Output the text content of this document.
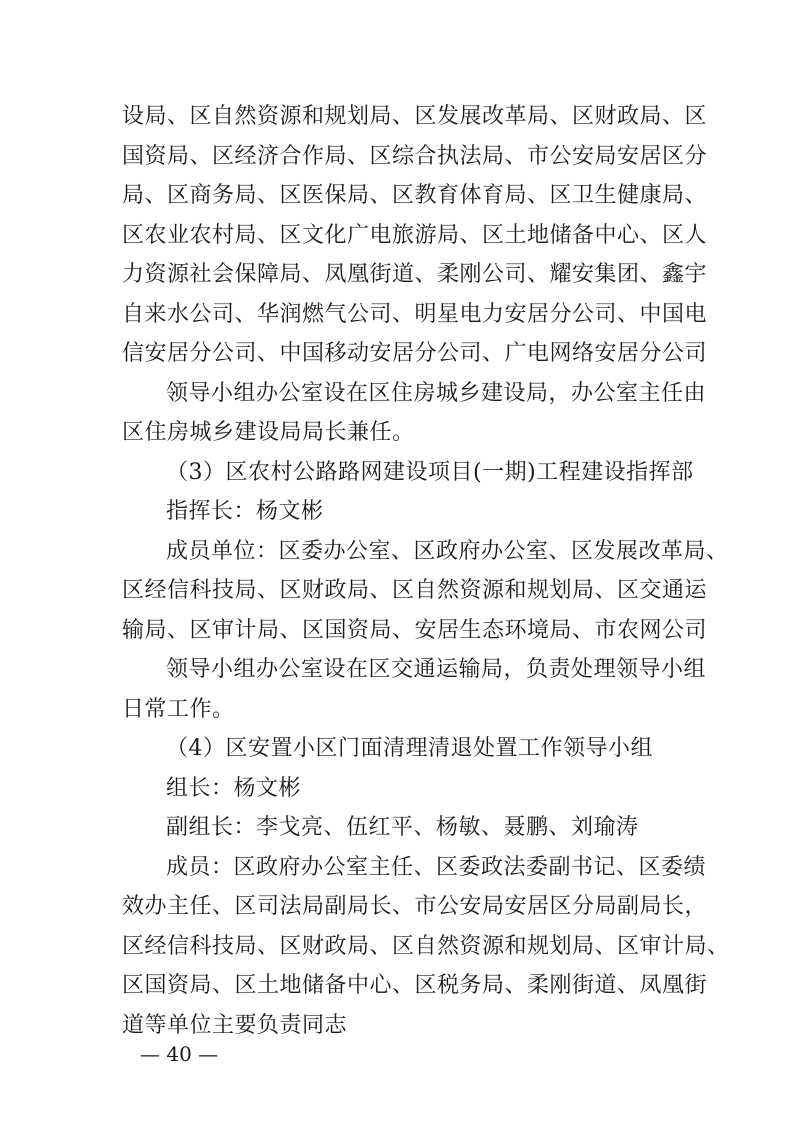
设局、区自然资源和规划局、区发展改革局、区财政局、区
国资局、区经济合作局、区综合执法局、市公安局安居区分
局、区商务局、区医保局、区教育体育局、区卫生健康局、
区农业农村局、区文化广电旅游局、区土地储备中心、区人
力资源社会保障局、凤凰街道、柔刚公司、耀安集团、鑫宇
自来水公司、华润燃气公司、明星电力安居分公司、中国电
信安居分公司、中国移动安居分公司、广电网络安居分公司
领导小组办公室设在区住房城乡建设局，办公室主任由
区住房城乡建设局局长兼任。
（3）区农村公路路网建设项目(一期)工程建设指挥部
指挥长：杨文彬
成员单位：区委办公室、区政府办公室、区发展改革局、
区经信科技局、区财政局、区自然资源和规划局、区交通运
输局、区审计局、区国资局、安居生态环境局、市农网公司
领导小组办公室设在区交通运输局，负责处理领导小组
日常工作。
（4）区安置小区门面清理清退处置工作领导小组
组长：杨文彬
副组长：李戈亮、伍红平、杨敏、聂鹏、刘瑜涛
成员：区政府办公室主任、区委政法委副书记、区委绩
效办主任、区司法局副局长、市公安局安居区分局副局长，
区经信科技局、区财政局、区自然资源和规划局、区审计局、
区国资局、区土地储备中心、区税务局、柔刚街道、凤凰街
道等单位主要负责同志
— 40 —
